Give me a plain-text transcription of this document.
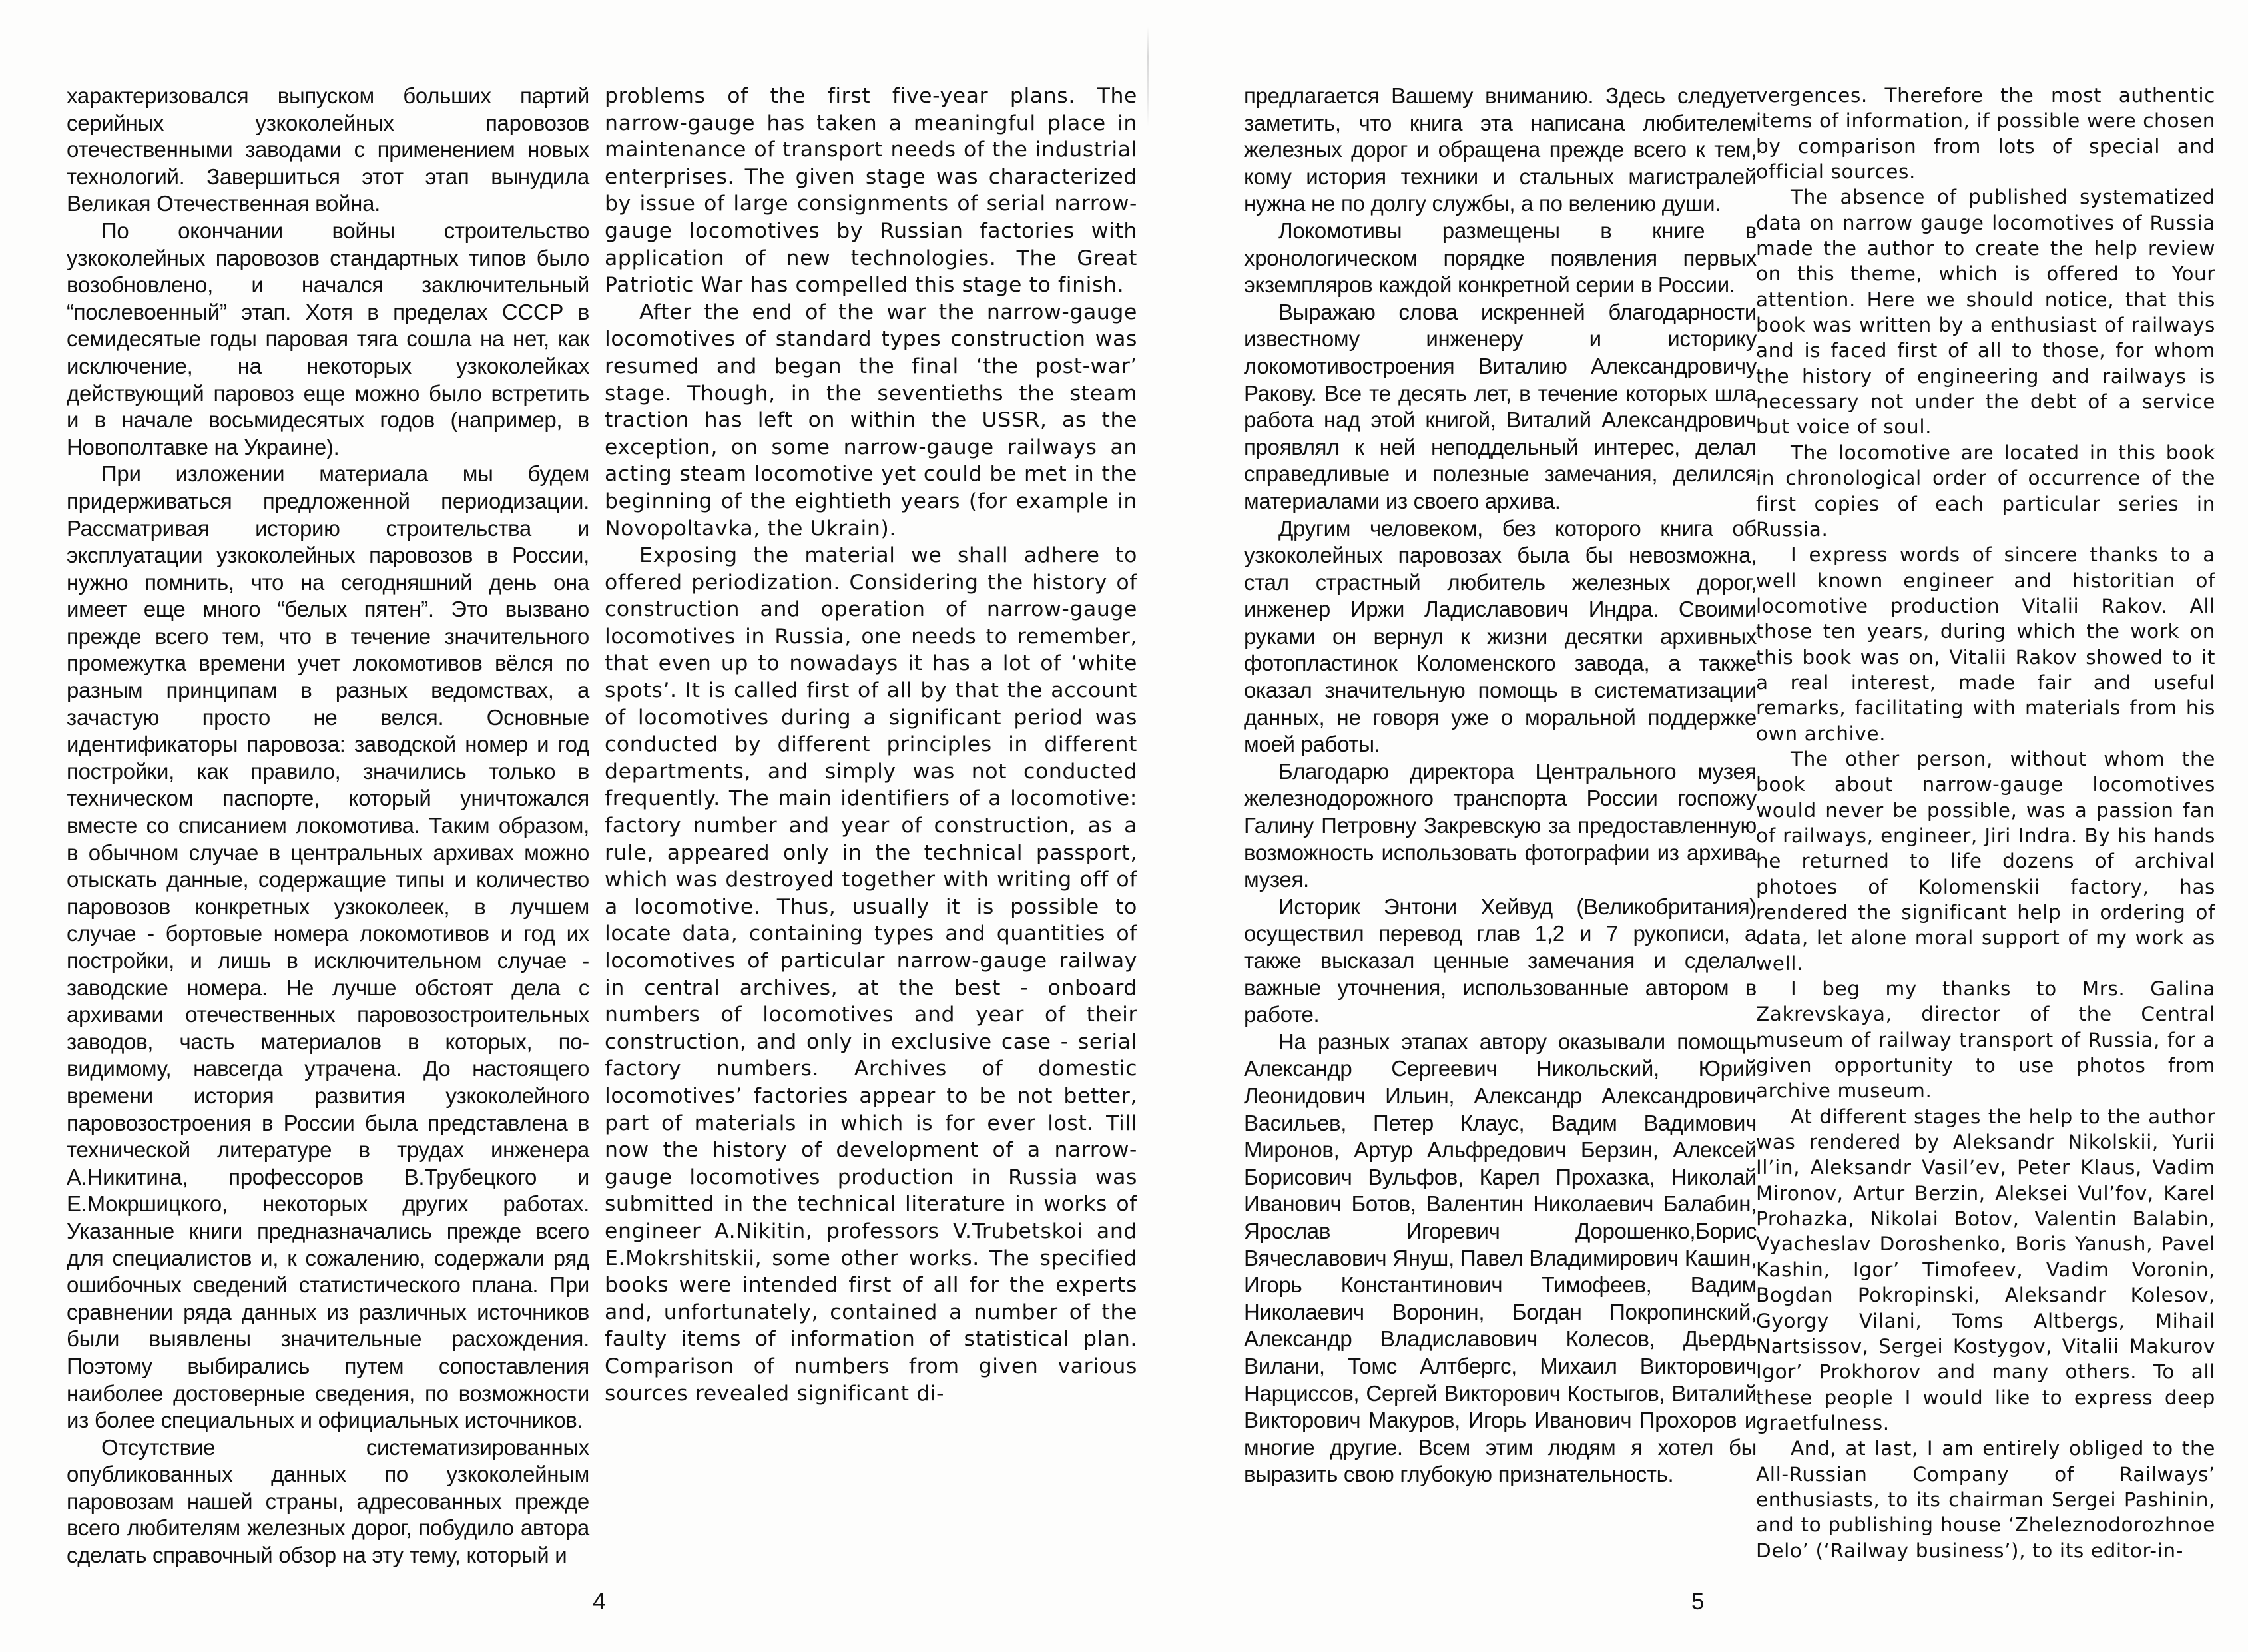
характеризовался выпуском больших партий серийных узкоколейных паровозов отечественными заводами с применением новых технологий. Завершиться этот этап вынудила Великая Отечественная война.

По окончании войны строительство узкоколейных паровозов стандартных типов было возобновлено, и начался заключительный “послевоенный” этап. Хотя в пределах СССР в семидесятые годы паровая тяга сошла на нет, как исключение, на некоторых узкоколейках действующий паровоз еще можно было встретить и в начале восьмидесятых годов (например, в Новополтавке на Украине).

При изложении материала мы будем придерживаться предложенной периодизации. Рассматривая историю строительства и эксплуатации узкоколейных паровозов в России, нужно помнить, что на сегодняшний день она имеет еще много “белых пятен”. Это вызвано прежде всего тем, что в течение значительного промежутка времени учет локомотивов вёлся по разным принципам в разных ведомствах, а зачастую просто не велся. Основные идентификаторы паровоза: заводской номер и год постройки, как правило, значились только в техническом паспорте, который уничтожался вместе со списанием локомотива. Таким образом, в обычном случае в центральных архивах можно отыскать данные, содержащие типы и количество паровозов конкретных узкоколеек, в лучшем случае - бортовые номера локомотивов и год их постройки, и лишь в исключительном случае - заводские номера. Не лучше обстоят дела с архивами отечественных паровозостроительных заводов, часть материалов в которых, по-видимому, навсегда утрачена. До настоящего времени история развития узкоколейного паровозостроения в России была представлена в технической литературе в трудах инженера А.Никитина, профессоров В.Трубецкого и Е.Мокршицкого, некоторых других работах. Указанные книги предназначались прежде всего для специалистов и, к сожалению, содержали ряд ошибочных сведений статистического плана. При сравнении ряда данных из различных источников были выявлены значительные расхождения. Поэтому выбирались путем сопоставления наиболее достоверные сведения, по возможности из более специальных и официальных источников.

Отсутствие систематизированных опубликованных данных по узкоколейным паровозам нашей страны, адресованных прежде всего любителям железных дорог, побудило автора сделать справочный обзор на эту тему, который и

problems of the first five-year plans. The narrow-gauge has taken a meaningful place in maintenance of transport needs of the industrial enterprises. The given stage was characterized by issue of large consignments of serial narrow-gauge locomotives by Russian factories with application of new technologies. The Great Patriotic War has compelled this stage to finish.

After the end of the war the narrow-gauge locomotives of standard types construction was resumed and began the final ‘the post-war’ stage. Though, in the seventieths the steam traction has left on within the USSR, as the exception, on some narrow-gauge railways an acting steam locomotive yet could be met in the beginning of the eightieth years (for example in Novopoltavka, the Ukrain).

Exposing the material we shall adhere to offered periodization. Considering the history of construction and operation of narrow-gauge locomotives in Russia, one needs to remember, that even up to nowadays it has a lot of ‘white spots’. It is called first of all by that the account of locomotives during a significant period was conducted by different principles in different departments, and simply was not conducted frequently. The main identifiers of a locomotive: factory number and year of construction, as a rule, appeared only in the technical passport, which was destroyed together with writing off of a locomotive. Thus, usually it is possible to locate data, containing types and quantities of locomotives of particular narrow-gauge railway in central archives, at the best - onboard numbers of locomotives and year of their construction, and only in exclusive case - serial factory numbers. Archives of domestic locomotives’ factories appear to be not better, part of materials in which is for ever lost. Till now the history of development of a narrow-gauge locomotives production in Russia was submitted in the technical literature in works of engineer A.Nikitin, professors V.Trubetskoi and E.Mokrshitskii, some other works. The specified books were intended first of all for the experts and, unfortunately, contained a number of the faulty items of information of statistical plan. Comparison of numbers from given various sources revealed significant di-

4

предлагается Вашему вниманию. Здесь следует заметить, что книга эта написана любителем железных дорог и обращена прежде всего к тем, кому история техники и стальных магистралей нужна не по долгу службы, а по велению души.

Локомотивы размещены в книге в хронологическом порядке появления первых экземпляров каждой конкретной серии в России.

Выражаю слова искренней благодарности известному инженеру и историку локомотивостроения Виталию Александровичу Ракову. Все те десять лет, в течение которых шла работа над этой книгой, Виталий Александрович проявлял к ней неподдельный интерес, делал справедливые и полезные замечания, делился материалами из своего архива.

Другим человеком, без которого книга об узкоколейных паровозах была бы невозможна, стал страстный любитель железных дорог, инженер Иржи Ладиславович Индра. Своими руками он вернул к жизни десятки архивных фотопластинок Коломенского завода, а также оказал значительную помощь в систематизации данных, не говоря уже о моральной поддержке моей работы.

Благодарю директора Центрального музея железнодорожного транспорта России госпожу Галину Петровну Закревскую за предоставленную возможность использовать фотографии из архива музея.

Историк Энтони Хейвуд (Великобритания) осуществил перевод глав 1,2 и 7 рукописи, а также высказал ценные замечания и сделал важные уточнения, использованные автором в работе.

На разных этапах автору оказывали помощь Александр Сергеевич Никольский, Юрий Леонидович Ильин, Александр Александрович Васильев, Петер Клаус, Вадим Вадимович Миронов, Артур Альфредович Берзин, Алексей Борисович Вульфов, Карел Прохазка, Николай Иванович Ботов, Валентин Николаевич Балабин, Ярослав Игоревич Дорошенко,Борис Вячеславович Януш, Павел Владимирович Кашин, Игорь Константинович Тимофеев, Вадим Николаевич Воронин, Богдан Покропинский, Александр Владиславович Колесов, Дьердь Вилани, Томс Алтбергс, Михаил Викторович Нарциссов, Сергей Викторович Костыгов, Виталий Викторович Макуров, Игорь Иванович Прохоров и многие другие. Всем этим людям я хотел бы выразить свою глубокую признательность.

vergences. Therefore the most authentic items of information, if possible were chosen by comparison from lots of special and official sources.

The absence of published systematized data on narrow gauge locomotives of Russia made the author to create the help review on this theme, which is offered to Your attention. Here we should notice, that this book was written by a enthusiast of railways and is faced first of all to those, for whom the history of engineering and railways is necessary not under the debt of a service but voice of soul.

The locomotive are located in this book in chronological order of occurrence of the first copies of each particular series in Russia.

I express words of sincere thanks to a well known engineer and historitian of locomotive production Vitalii Rakov. All those ten years, during which the work on this book was on, Vitalii Rakov showed to it a real interest, made fair and useful remarks, facilitating with materials from his own archive.

The other person, without whom the book about narrow-gauge locomotives would never be possible, was a passion fan of railways, engineer, Jiri Indra. By his hands he returned to life dozens of archival photoes of Kolomenskii factory, has rendered the significant help in ordering of data, let alone moral support of my work as well.

I beg my thanks to Mrs. Galina Zakrevskaya, director of the Central museum of railway transport of Russia, for a given opportunity to use photos from archive museum.

At different stages the help to the author was rendered by Aleksandr Nikolskii, Yurii Il’in, Aleksandr Vasil’ev, Peter Klaus, Vadim Mironov, Artur Berzin, Alekseі Vul’fov, Karel Prohazka, Nikolai Botov, Valentin Balabin, Vyacheslav Doroshenko, Boris Yanush, Pavel Kashin, Igor’ Timofeev, Vadim Voronin, Bogdan Pokropinski, Aleksandr Kolesov, Gyorgy Vilani, Toms Altbergs, Mihail Nartsissov, Sergei Kostygov, Vitalii Makurov Igor’ Prokhorov and many others. To all these people I would like to express deep graetfulness.

And, at last, I am entirely obliged to the All-Russian Company of Railways’ enthusiasts, to its chairman Sergei Pashinin, and to publishing house ‘Zheleznodorozhnoe Delo’ (‘Railway business’), to its editor-in-

5
